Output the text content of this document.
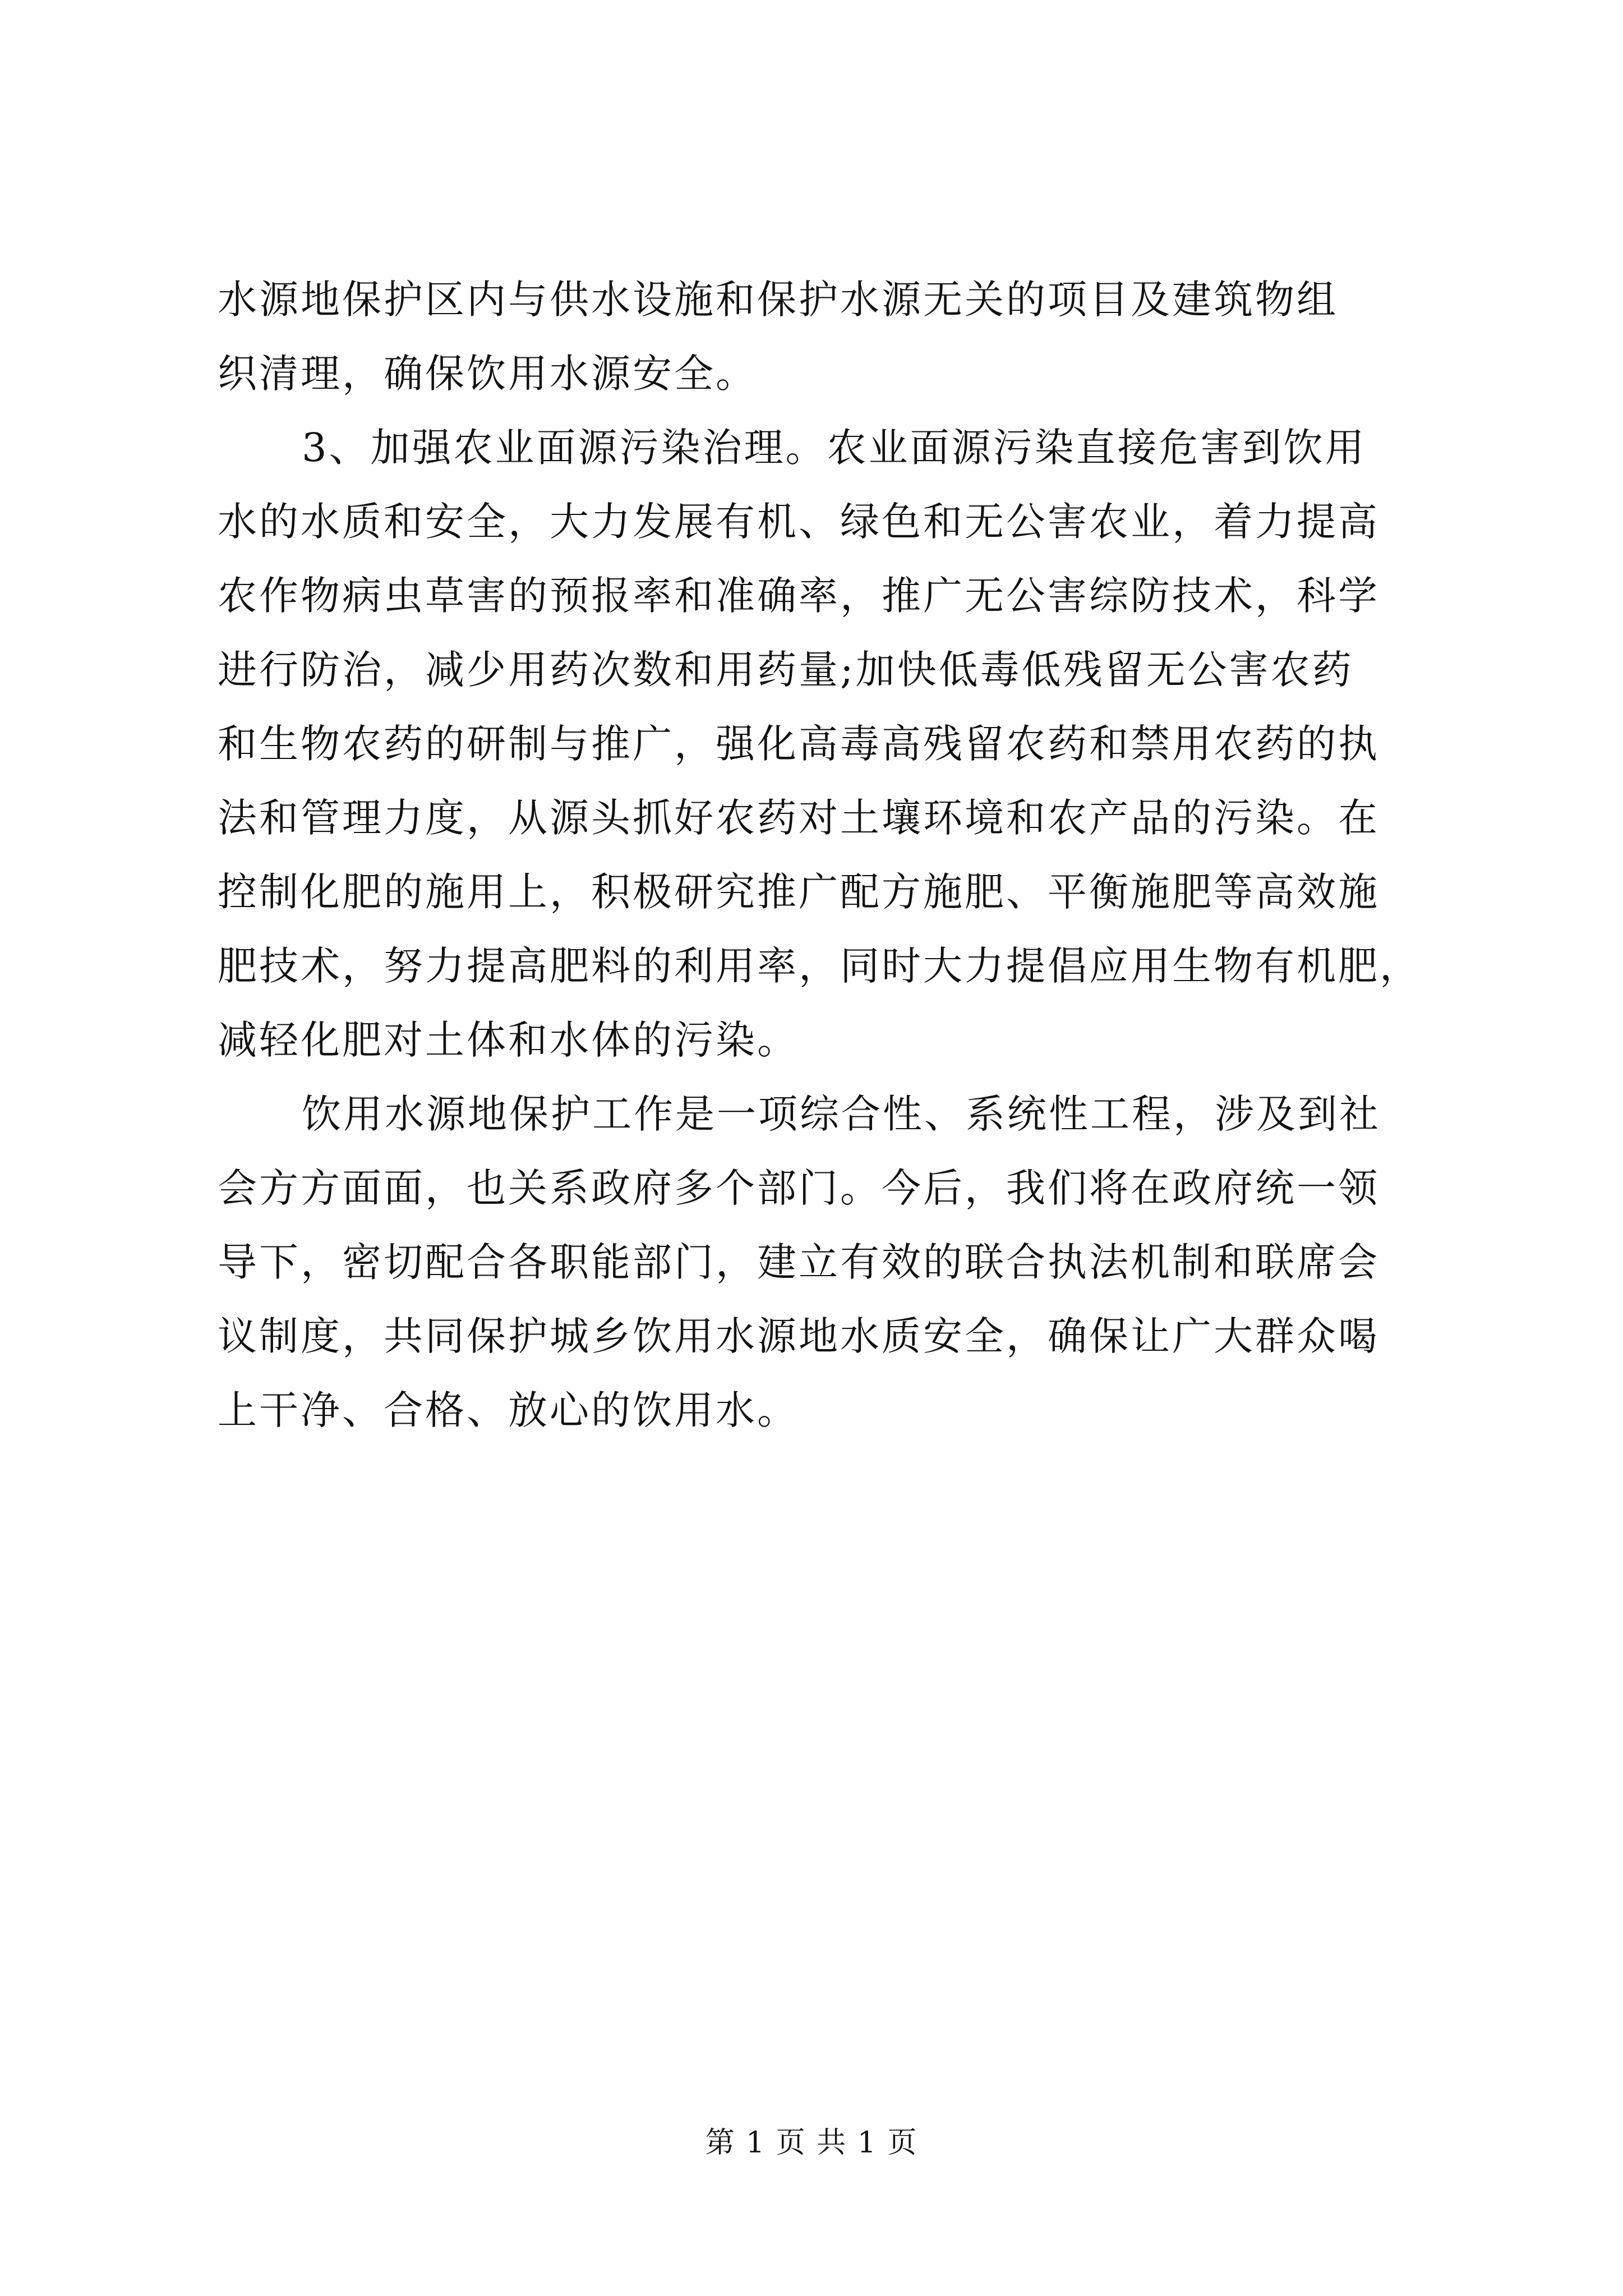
水源地保护区内与供水设施和保护水源无关的项目及建筑物组
织清理，确保饮用水源安全。
3、加强农业面源污染治理。农业面源污染直接危害到饮用
水的水质和安全，大力发展有机、绿色和无公害农业，着力提高
农作物病虫草害的预报率和准确率，推广无公害综防技术，科学
进行防治，减少用药次数和用药量;加快低毒低残留无公害农药
和生物农药的研制与推广，强化高毒高残留农药和禁用农药的执
法和管理力度，从源头抓好农药对土壤环境和农产品的污染。在
控制化肥的施用上，积极研究推广配方施肥、平衡施肥等高效施
肥技术，努力提高肥料的利用率，同时大力提倡应用生物有机肥，
减轻化肥对土体和水体的污染。
饮用水源地保护工作是一项综合性、系统性工程，涉及到社
会方方面面，也关系政府多个部门。今后，我们将在政府统一领
导下，密切配合各职能部门，建立有效的联合执法机制和联席会
议制度，共同保护城乡饮用水源地水质安全，确保让广大群众喝
上干净、合格、放心的饮用水。
第 1 页 共 1 页
